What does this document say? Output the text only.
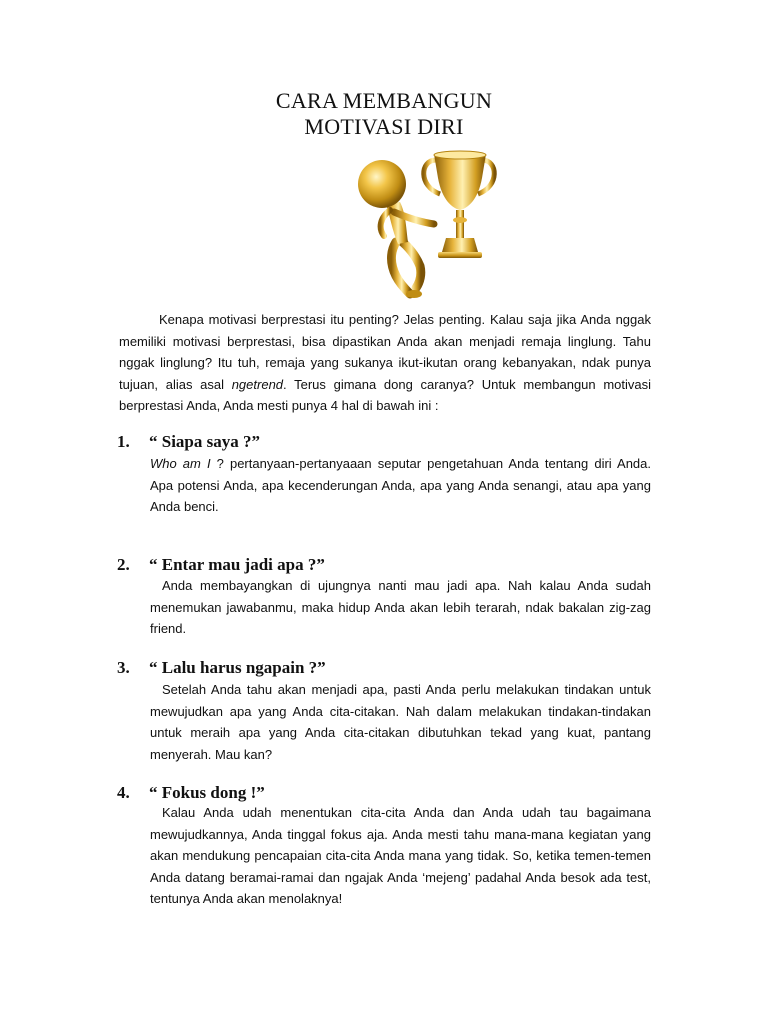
CARA MEMBANGUN
MOTIVASI DIRI

Kenapa motivasi berprestasi itu penting? Jelas penting. Kalau saja jika Anda nggak memiliki motivasi berprestasi, bisa dipastikan Anda akan menjadi remaja linglung. Tahu nggak linglung? Itu tuh, remaja yang sukanya ikut-ikutan orang kebanyakan, ndak punya tujuan, alias asal ngetrend. Terus gimana dong caranya? Untuk membangun motivasi berprestasi Anda, Anda mesti punya 4 hal di bawah ini :

1. “ Siapa saya ?”

Who am I ? pertanyaan-pertanyaaan seputar pengetahuan Anda tentang diri Anda. Apa potensi Anda, apa kecenderungan Anda, apa yang Anda senangi, atau apa yang Anda benci.

2. “ Entar mau jadi apa ?”

Anda membayangkan di ujungnya nanti mau jadi apa. Nah kalau Anda sudah menemukan jawabanmu, maka hidup Anda akan lebih terarah, ndak bakalan zig-zag friend.

3. “ Lalu harus ngapain ?”

Setelah Anda tahu akan menjadi apa, pasti Anda perlu melakukan tindakan untuk mewujudkan apa yang Anda cita-citakan. Nah dalam melakukan tindakan-tindakan untuk meraih apa yang Anda cita-citakan dibutuhkan tekad yang kuat, pantang menyerah. Mau kan?

4. “ Fokus dong !”

Kalau Anda udah menentukan cita-cita Anda dan Anda udah tau bagaimana mewujudkannya, Anda tinggal fokus aja. Anda mesti tahu mana-mana kegiatan yang akan mendukung pencapaian cita-cita Anda mana yang tidak. So, ketika temen-temen Anda datang beramai-ramai dan ngajak Anda ‘mejeng’ padahal Anda besok ada test, tentunya Anda akan menolaknya!
